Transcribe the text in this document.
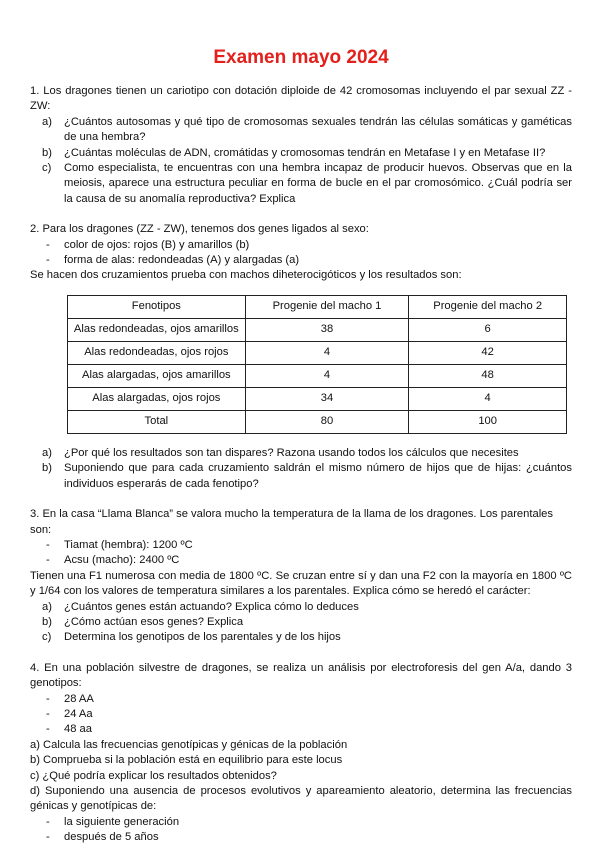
Examen mayo 2024

1. Los dragones tienen un cariotipo con dotación diploide de 42 cromosomas incluyendo el par sexual ZZ - ZW:

a) ¿Cuántos autosomas y qué tipo de cromosomas sexuales tendrán las células somáticas y gaméticas de una hembra?
b) ¿Cuántas moléculas de ADN, cromátidas y cromosomas tendrán en Metafase I y en Metafase II?
c) Como especialista, te encuentras con una hembra incapaz de producir huevos. Observas que en la meiosis, aparece una estructura peculiar en forma de bucle en el par cromosómico. ¿Cuál podría ser la causa de su anomalía reproductiva? Explica

2. Para los dragones (ZZ - ZW), tenemos dos genes ligados al sexo:

- color de ojos: rojos (B) y amarillos (b)
- forma de alas: redondeadas (A) y alargadas (a)

Se hacen dos cruzamientos prueba con machos diheterocigóticos y los resultados son:

Fenotipos	Progenie del macho 1	Progenie del macho 2
Alas redondeadas, ojos amarillos	38	6
Alas redondeadas, ojos rojos	4	42
Alas alargadas, ojos amarillos	4	48
Alas alargadas, ojos rojos	34	4
Total	80	100
a) ¿Por qué los resultados son tan dispares? Razona usando todos los cálculos que necesites
b) Suponiendo que para cada cruzamiento saldrán el mismo número de hijos que de hijas: ¿cuántos individuos esperarás de cada fenotipo?

3. En la casa “Llama Blanca” se valora mucho la temperatura de la llama de los dragones. Los parentales son:

- Tiamat (hembra): 1200 ºC
- Acsu (macho): 2400 ºC

Tienen una F1 numerosa con media de 1800 ºC. Se cruzan entre sí y dan una F2 con la mayoría en 1800 ºC y 1/64 con los valores de temperatura similares a los parentales. Explica cómo se heredó el carácter:

a) ¿Cuántos genes están actuando? Explica cómo lo deduces
b) ¿Cómo actúan esos genes? Explica
c) Determina los genotipos de los parentales y de los hijos

4. En una población silvestre de dragones, se realiza un análisis por electroforesis del gen A/a, dando 3 genotipos:

- 28 AA
- 24 Aa
- 48 aa

a) Calcula las frecuencias genotípicas y génicas de la población

b) Comprueba si la población está en equilibrio para este locus

c) ¿Qué podría explicar los resultados obtenidos?

d) Suponiendo una ausencia de procesos evolutivos y apareamiento aleatorio, determina las frecuencias génicas y genotípicas de:

- la siguiente generación
- después de 5 años
